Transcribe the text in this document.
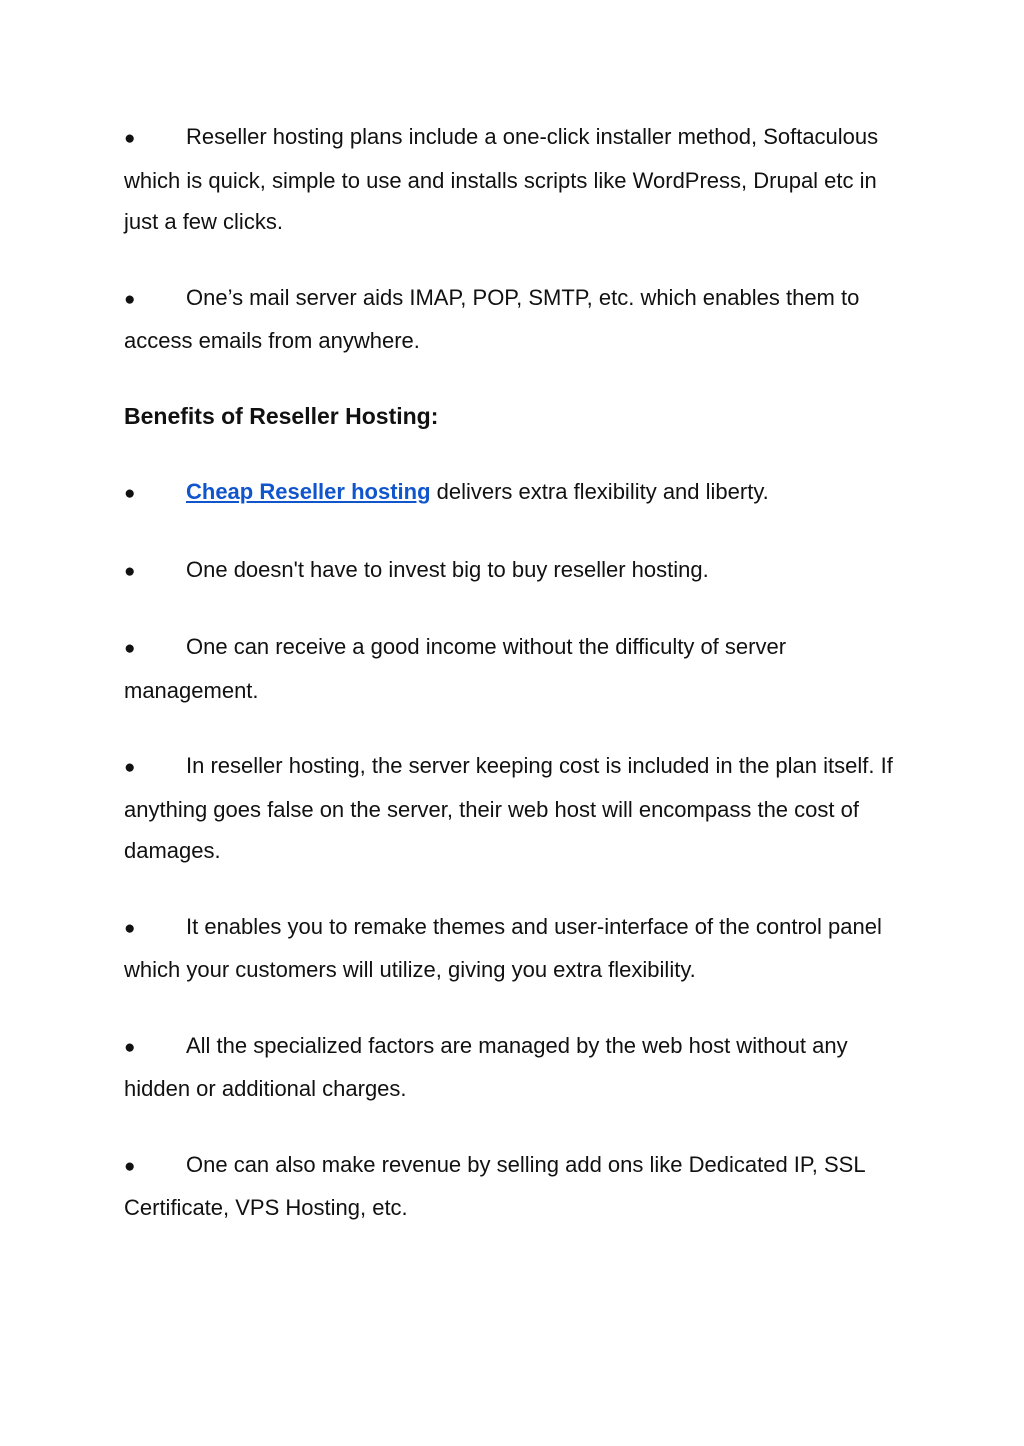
● Reseller hosting plans include a one-click installer method, Softaculous which is quick, simple to use and installs scripts like WordPress, Drupal etc in just a few clicks.

● One’s mail server aids IMAP, POP, SMTP, etc. which enables them to access emails from anywhere.

Benefits of Reseller Hosting:

● Cheap Reseller hosting delivers extra flexibility and liberty.

● One doesn't have to invest big to buy reseller hosting.

● One can receive a good income without the difficulty of server management.

● In reseller hosting, the server keeping cost is included in the plan itself. If anything goes false on the server, their web host will encompass the cost of damages.

● It enables you to remake themes and user-interface of the control panel which your customers will utilize, giving you extra flexibility.

● All the specialized factors are managed by the web host without any hidden or additional charges.

● One can also make revenue by selling add ons like Dedicated IP, SSL Certificate, VPS Hosting, etc.
